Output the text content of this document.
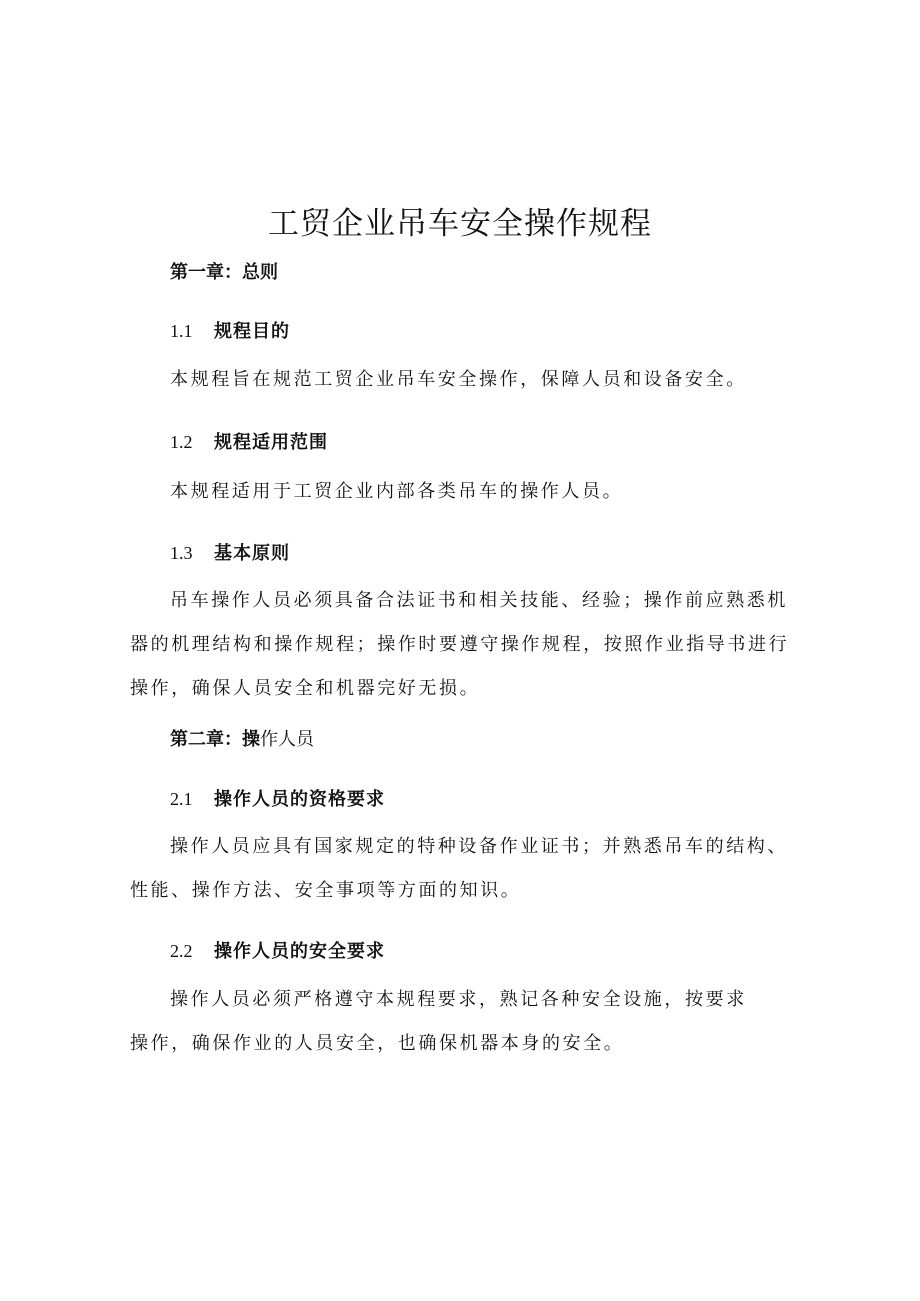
工贸企业吊车安全操作规程

第一章：总则

1.1 规程目的

本规程旨在规范工贸企业吊车安全操作，保障人员和设备安全。

1.2 规程适用范围

本规程适用于工贸企业内部各类吊车的操作人员。

1.3 基本原则

吊车操作人员必须具备合法证书和相关技能、经验；操作前应熟悉机器的机理结构和操作规程；操作时要遵守操作规程，按照作业指导书进行操作，确保人员安全和机器完好无损。

第二章：操作人员

2.1 操作人员的资格要求

操作人员应具有国家规定的特种设备作业证书；并熟悉吊车的结构、性能、操作方法、安全事项等方面的知识。

2.2 操作人员的安全要求

操作人员必须严格遵守本规程要求，熟记各种安全设施，按要求操作，确保作业的人员安全，也确保机器本身的安全。
